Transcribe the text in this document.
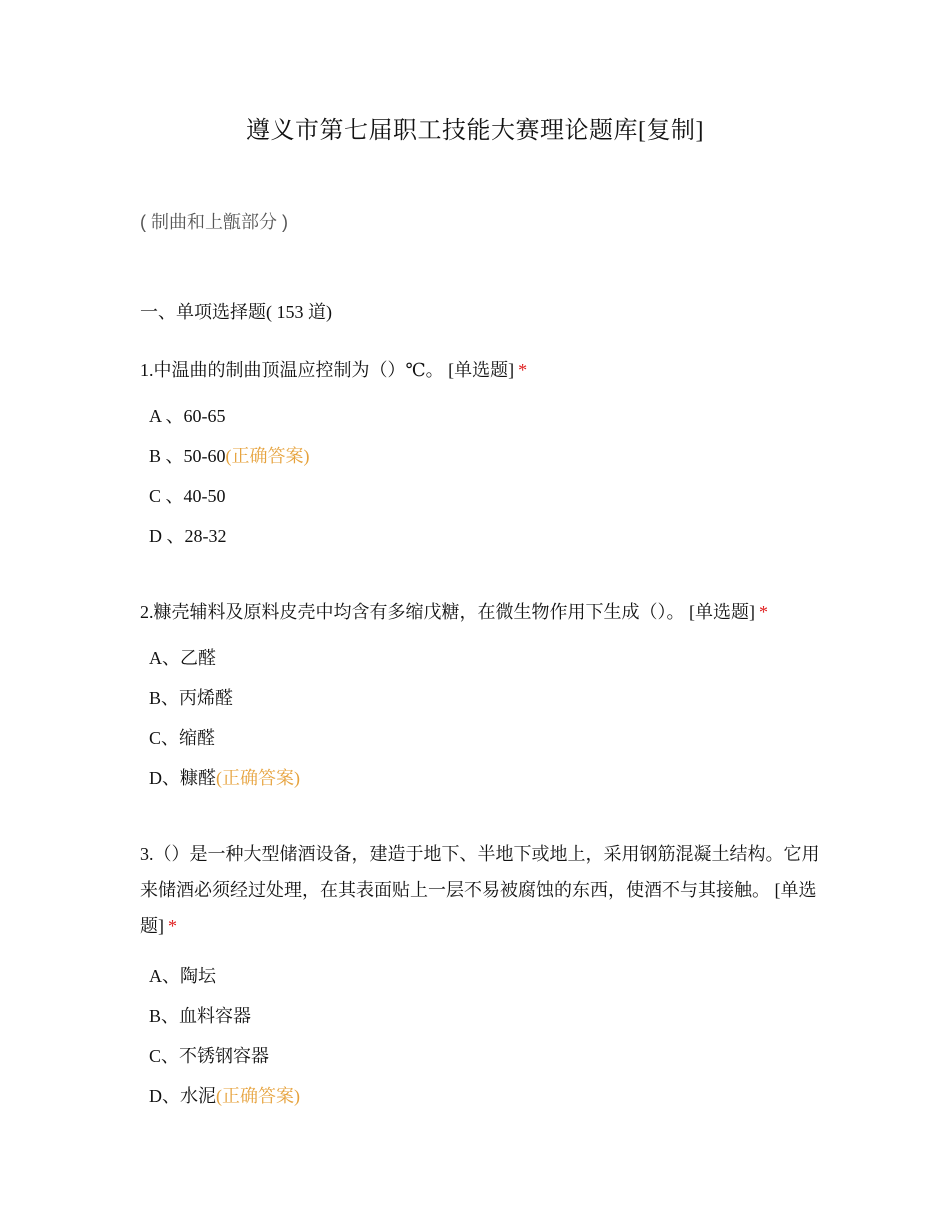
遵义市第七届职工技能大赛理论题库[复制]
( 制曲和上甑部分 )
一、单项选择题( 153 道)
1.中温曲的制曲顶温应控制为（）℃。 [单选题] *
A 、60-65
B 、50-60(正确答案)
C 、40-50
D 、28-32
2.糠壳辅料及原料皮壳中均含有多缩戊糖，在微生物作用下生成（）。 [单选题] *
A、乙醛
B、丙烯醛
C、缩醛
D、糠醛(正确答案)
3.（）是一种大型储酒设备，建造于地下、半地下或地上，采用钢筋混凝土结构。它用来储酒必须经过处理，在其表面贴上一层不易被腐蚀的东西，使酒不与其接触。 [单选题] *
A、陶坛
B、血料容器
C、不锈钢容器
D、水泥(正确答案)
